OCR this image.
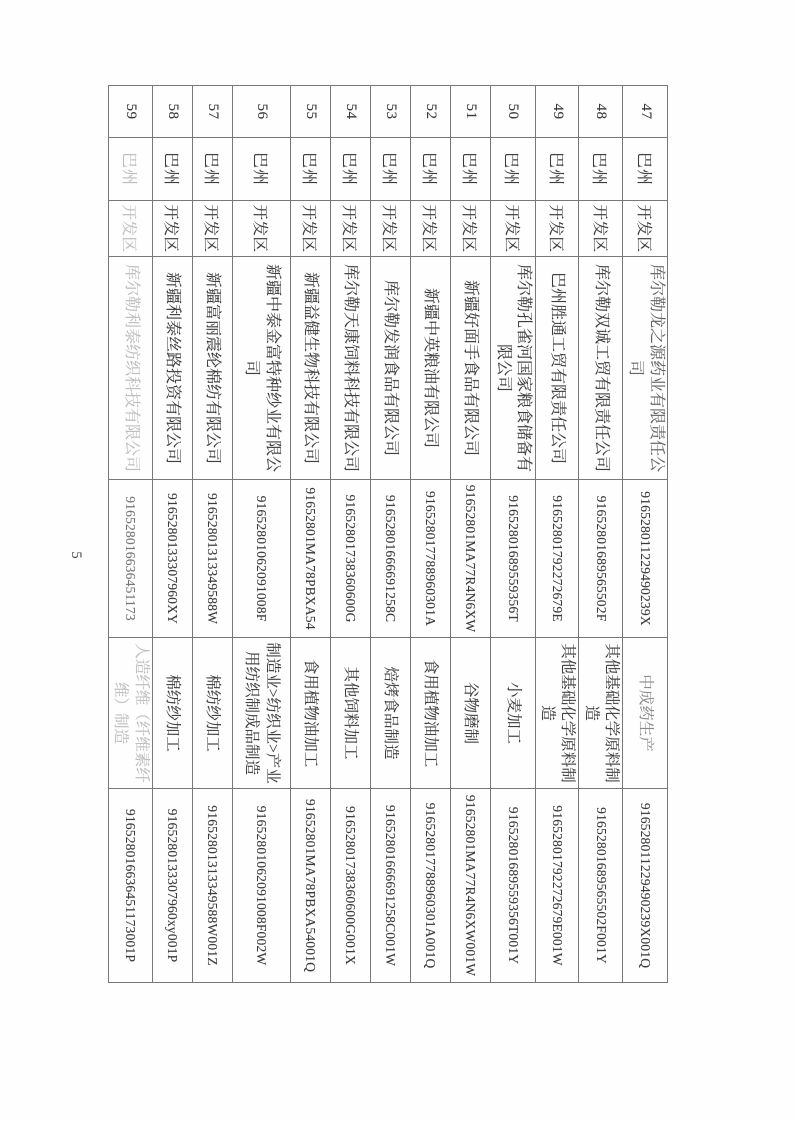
5
47	巴州	开发区	库尔勒龙之源药业有限责任公司	916528011229490239X	中成药生产	916528011229490239X001Q
48	巴州	开发区	库尔勒双诚工贸有限责任公司	91652801689565502F	其他基础化学原料制造	91652801689565502F001Y
49	巴州	开发区	巴州胜通工贸有限责任公司	91652801792272679E	其他基础化学原料制造	91652801792272679E001W
50	巴州	开发区	库尔勒孔雀河国家粮食储备有限公司	91652801689559356T	小麦加工	91652801689559356T001Y
51	巴州	开发区	新疆好面手食品有限公司	91652801MA77R4N6XW	谷物磨制	91652801MA77R4N6XW001W
52	巴州	开发区	新疆中英粮油有限公司	916528017788960301A	食用植物油加工	916528017788960301A001Q
53	巴州	开发区	库尔勒发润食品有限公司	91652801666691258C	焙烤食品制造	91652801666691258C001W
54	巴州	开发区	库尔勒天康饲料科技有限公司	91652801738360600G	其他饲料加工	91652801738360600G001X
55	巴州	开发区	新疆益健生物科技有限公司	91652801MA78PBXA54	食用植物油加工	91652801MA78PBXA54001Q
56	巴州	开发区	新疆中泰金富特种纱业有限公司	91652801062091008F	制造业>纺织业>产业用纺织制成品制造	91652801062091008F002W
57	巴州	开发区	新疆富丽震纶棉纺有限公司	91652801313349588W	棉纺纱加工	91652801313349588W001Z
58	巴州	开发区	新疆利泰丝路投资有限公司	9165280133307960XY	棉纺纱加工	9165280133307960xy001P
59	巴州	开发区	库尔勒利泰纺织科技有限公司	916528016636451173	人造纤维（纤维素纤维）制造	916528016636451173001P
